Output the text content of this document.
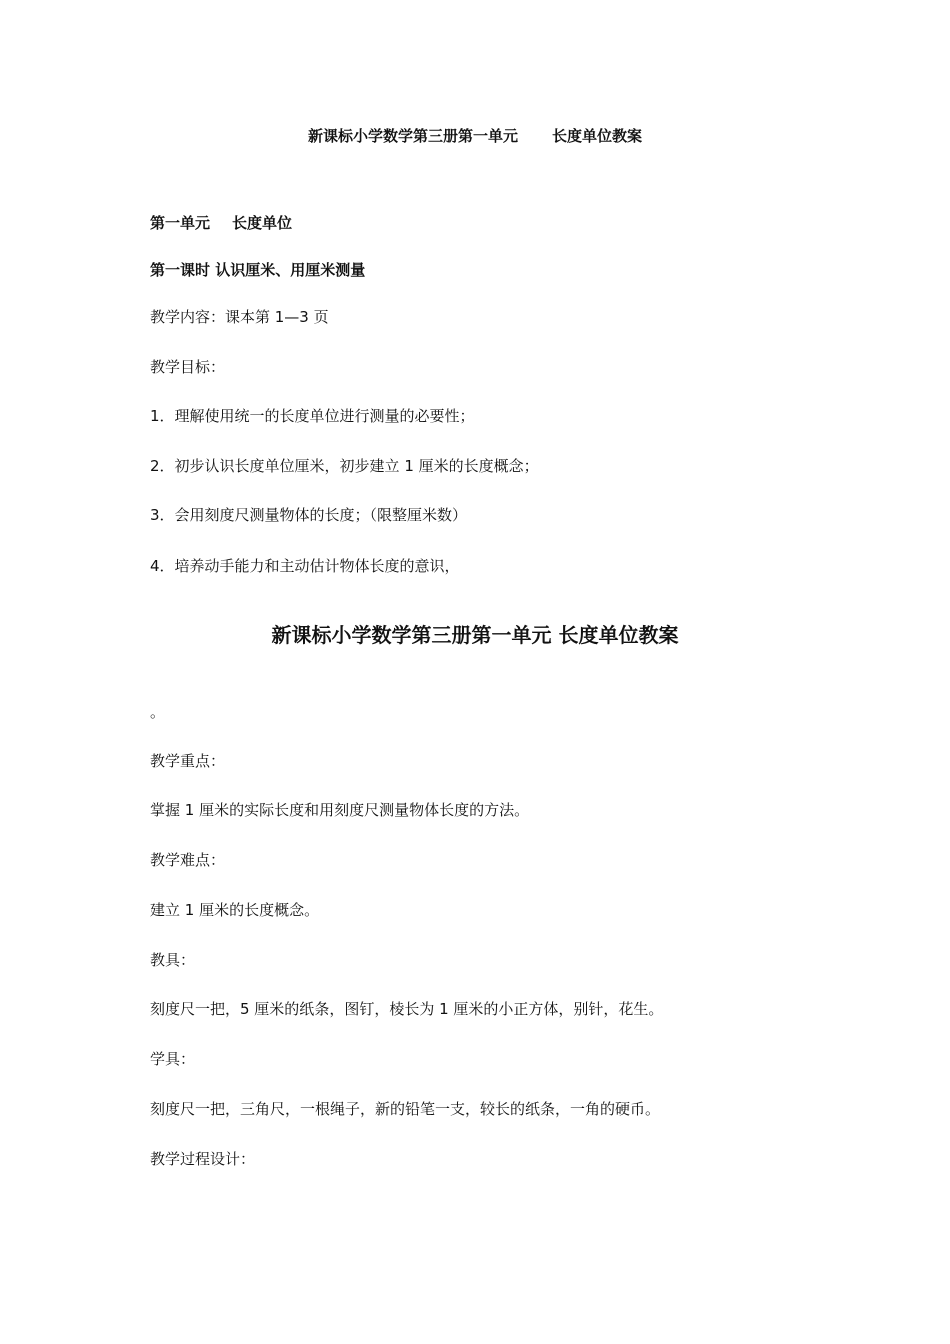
新课标小学数学第三册第一单元 长度单位教案
第一单元 长度单位
第一课时 认识厘米、用厘米测量
教学内容：课本第 1—3 页
教学目标：
1．理解使用统一的长度单位进行测量的必要性；
2．初步认识长度单位厘米，初步建立 1 厘米的长度概念；
3．会用刻度尺测量物体的长度；（限整厘米数）
4．培养动手能力和主动估计物体长度的意识，
新课标小学数学第三册第一单元 长度单位教案
。
教学重点：
掌握 1 厘米的实际长度和用刻度尺测量物体长度的方法。
教学难点：
建立 1 厘米的长度概念。
教具：
刻度尺一把，5 厘米的纸条，图钉，棱长为 1 厘米的小正方体，别针，花生。
学具：
刻度尺一把，三角尺，一根绳子，新的铅笔一支，较长的纸条，一角的硬币。
教学过程设计：
